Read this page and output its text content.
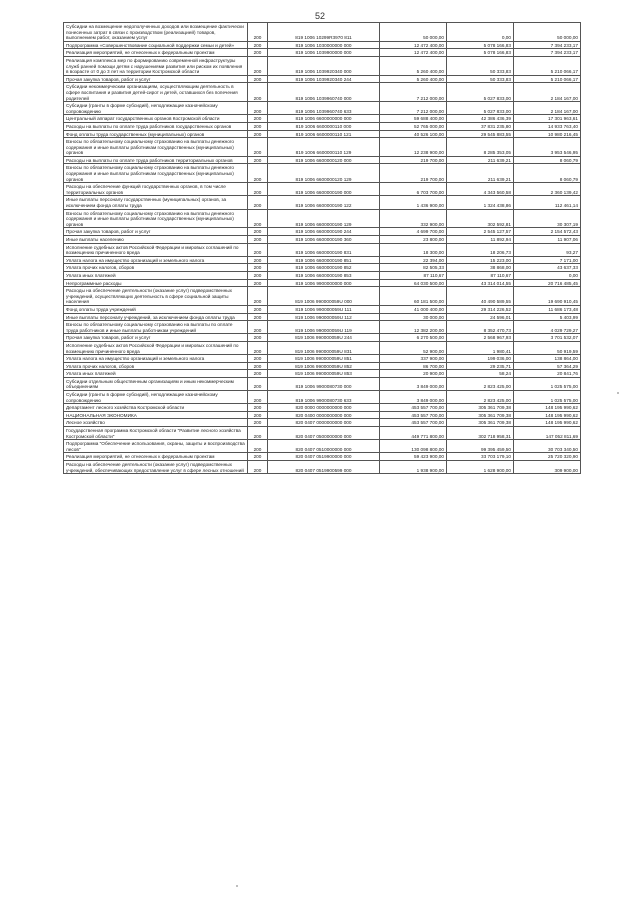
52
Субсидии на возмещение недополученных доходов или возмещение фактически понесенных затрат в связи с производством (реализацией) товаров, выполнением работ, оказанием услуг	200	819 1006 10299R3970 811	50 000,00	0,00	50 000,00
Подпрограмма «Совершенствование социальной поддержки семьи и детей»	200	819 1006 1030000000 000	12 472 400,00	5 078 166,83	7 394 233,17
Реализация мероприятий, не отнесенных к федеральным проектам	200	819 1006 1039900000 000	12 472 400,00	5 078 166,83	7 394 233,17
Реализация комплекса мер по формированию современной инфраструктуры служб ранней помощи детям с нарушениями развития или риском их появления в возрасте от 0 до 3 лет на территории Костромской области	200	819 1006 1039920340 000	5 260 400,00	50 333,83	5 210 066,17
Прочая закупка товаров, работ и услуг	200	819 1006 1039920340 244	5 260 400,00	50 333,83	5 210 066,17
Субсидии некоммерческим организациям, осуществляющим деятельность в сфере воспитания и развития детей-сирот и детей, оставшихся без попечения родителей	200	819 1006 1039960740 000	7 212 000,00	5 027 833,00	2 184 167,00
Субсидии (гранты в форме субсидий), неподлежащие казначейскому сопровождению	200	819 1006 1039960740 633	7 212 000,00	5 027 833,00	2 184 167,00
Центральный аппарат государственных органов Костромской области	200	819 1006 6600000000 000	59 688 400,00	42 386 436,39	17 301 963,61
Расходы на выплаты по оплате труда работников государственных органов	200	819 1006 6600000110 000	52 765 000,00	37 831 235,80	14 933 763,40
Фонд оплаты труда государственных (муниципальных) органов	200	819 1006 6600000110 121	40 526 100,00	29 545 883,55	10 980 216,45
Взносы по обязательному социальному страхованию на выплаты денежного содержания и иные выплаты работникам государственных (муниципальных) органов	200	819 1006 6600000110 129	12 238 900,00	8 285 353,05	3 953 546,95
Расходы на выплаты по оплате труда работников территориальных органов	200	819 1006 6600000120 000	219 700,00	211 639,21	8 060,79
Взносы по обязательному социальному страхованию на выплаты денежного содержания и иные выплаты работникам государственных (муниципальных) органов	200	819 1006 6600000120 129	219 700,00	211 639,21	8 060,79
Расходы на обеспечение функций государственных органов, в том числе территориальных органов	200	819 1006 6600000190 000	6 703 700,00	4 343 560,58	2 360 139,42
Иные выплаты персоналу государственных (муниципальных) органов, за исключением фонда оплаты труда	200	819 1006 6600000190 122	1 436 900,00	1 324 438,86	112 461,14
Взносы по обязательному социальному страхованию на выплаты денежного содержания и иные выплаты работникам государственных (муниципальных) органов	200	819 1006 6600000190 129	332 900,00	302 592,81	30 307,19
Прочая закупка товаров, работ и услуг	200	819 1006 6600000190 244	4 699 700,00	2 545 127,57	2 154 572,43
Иные выплаты населению	200	819 1006 6600000190 360	23 800,00	11 892,94	11 907,06
Исполнение судебных актов Российской Федерации и мировых соглашений по возмещению причиненного вреда	200	819 1006 6600000190 831	18 300,00	18 206,73	93,27
Уплата налога на имущество организаций и земельного налога	200	819 1006 6600000190 851	22 394,00	15 223,00	7 171,00
Уплата прочих налогов, сборов	200	819 1006 6600000190 852	82 505,33	38 868,00	43 637,33
Уплата иных платежей	200	819 1006 6600000190 853	87 110,67	87 110,67	0,00
Непрограммные расходы	200	819 1006 9900000000 000	64 030 500,00	43 314 014,55	20 716 485,45
Расходы на обеспечение деятельности (оказание услуг) подведомственных учреждений, осуществляющих деятельность в сфере социальной защиты населения	200	819 1006 990000059U 000	60 181 500,00	40 490 589,55	19 690 910,45
Фонд оплаты труда учреждений	200	819 1006 990000059U 111	41 000 400,00	29 314 226,52	11 686 173,48
Иные выплаты персоналу учреждений, за исключением фонда оплаты труда	200	819 1006 990000059U 112	30 000,00	24 596,01	5 403,99
Взносы по обязательному социальному страхованию на выплаты по оплате труда работников и иные выплаты работникам учреждений	200	819 1006 990000059U 119	12 382 200,00	8 352 470,73	4 029 729,27
Прочая закупка товаров, работ и услуг	200	819 1006 990000059U 244	6 270 500,00	2 568 967,93	3 701 532,07
Исполнение судебных актов Российской Федерации и мировых соглашений по возмещению причиненного вреда	200	819 1006 990000059U 831	52 900,00	1 980,41	50 919,59
Уплата налога на имущество организаций и земельного налога	200	819 1006 990000059U 851	337 900,00	199 036,00	138 864,00
Уплата прочих налогов, сборов	200	819 1006 990000059U 852	86 700,00	29 235,71	57 364,29
Уплата иных платежей	200	819 1006 990000059U 853	20 900,00	58,24	20 841,76
Субсидии отдельным общественным организациям и иным некоммерческим объединениям	200	819 1006 9900080730 000	3 849 000,00	2 823 425,00	1 025 575,00
Субсидии (гранты в форме субсидий), неподлежащие казначейскому сопровождению	200	819 1006 9900080730 633	3 849 000,00	2 823 425,00	1 025 575,00
Департамент лесного хозяйства Костромской области	200	820 0000 0000000000 000	453 557 700,00	305 361 709,38	148 195 990,62
НАЦИОНАЛЬНАЯ ЭКОНОМИКА	200	820 0400 0000000000 000	453 557 700,00	305 361 709,38	148 195 990,62
Лесное хозяйство	200	820 0407 0000000000 000	453 557 700,00	305 361 709,38	148 195 990,62
Государственная программа Костромской области "Развитие лесного хозяйства Костромской области"	200	820 0407 0500000000 000	449 771 800,00	302 718 958,31	147 052 811,69
Подпрограмма "Обеспечение использования, охраны, защиты и воспроизводства лесов"	200	820 0407 0510000000 000	130 098 800,00	99 395 459,50	30 703 340,50
Реализация мероприятий, не отнесенных к федеральным проектам	200	820 0407 0519900000 000	59 423 900,00	33 703 179,10	25 720 320,90
Расходы на обеспечение деятельности (оказание услуг) подведомственных учреждений, обеспечивающих предоставление услуг в сфере лесных отношений	200	820 0407 0519900599 000	1 938 900,00	1 628 900,00	309 900,00
